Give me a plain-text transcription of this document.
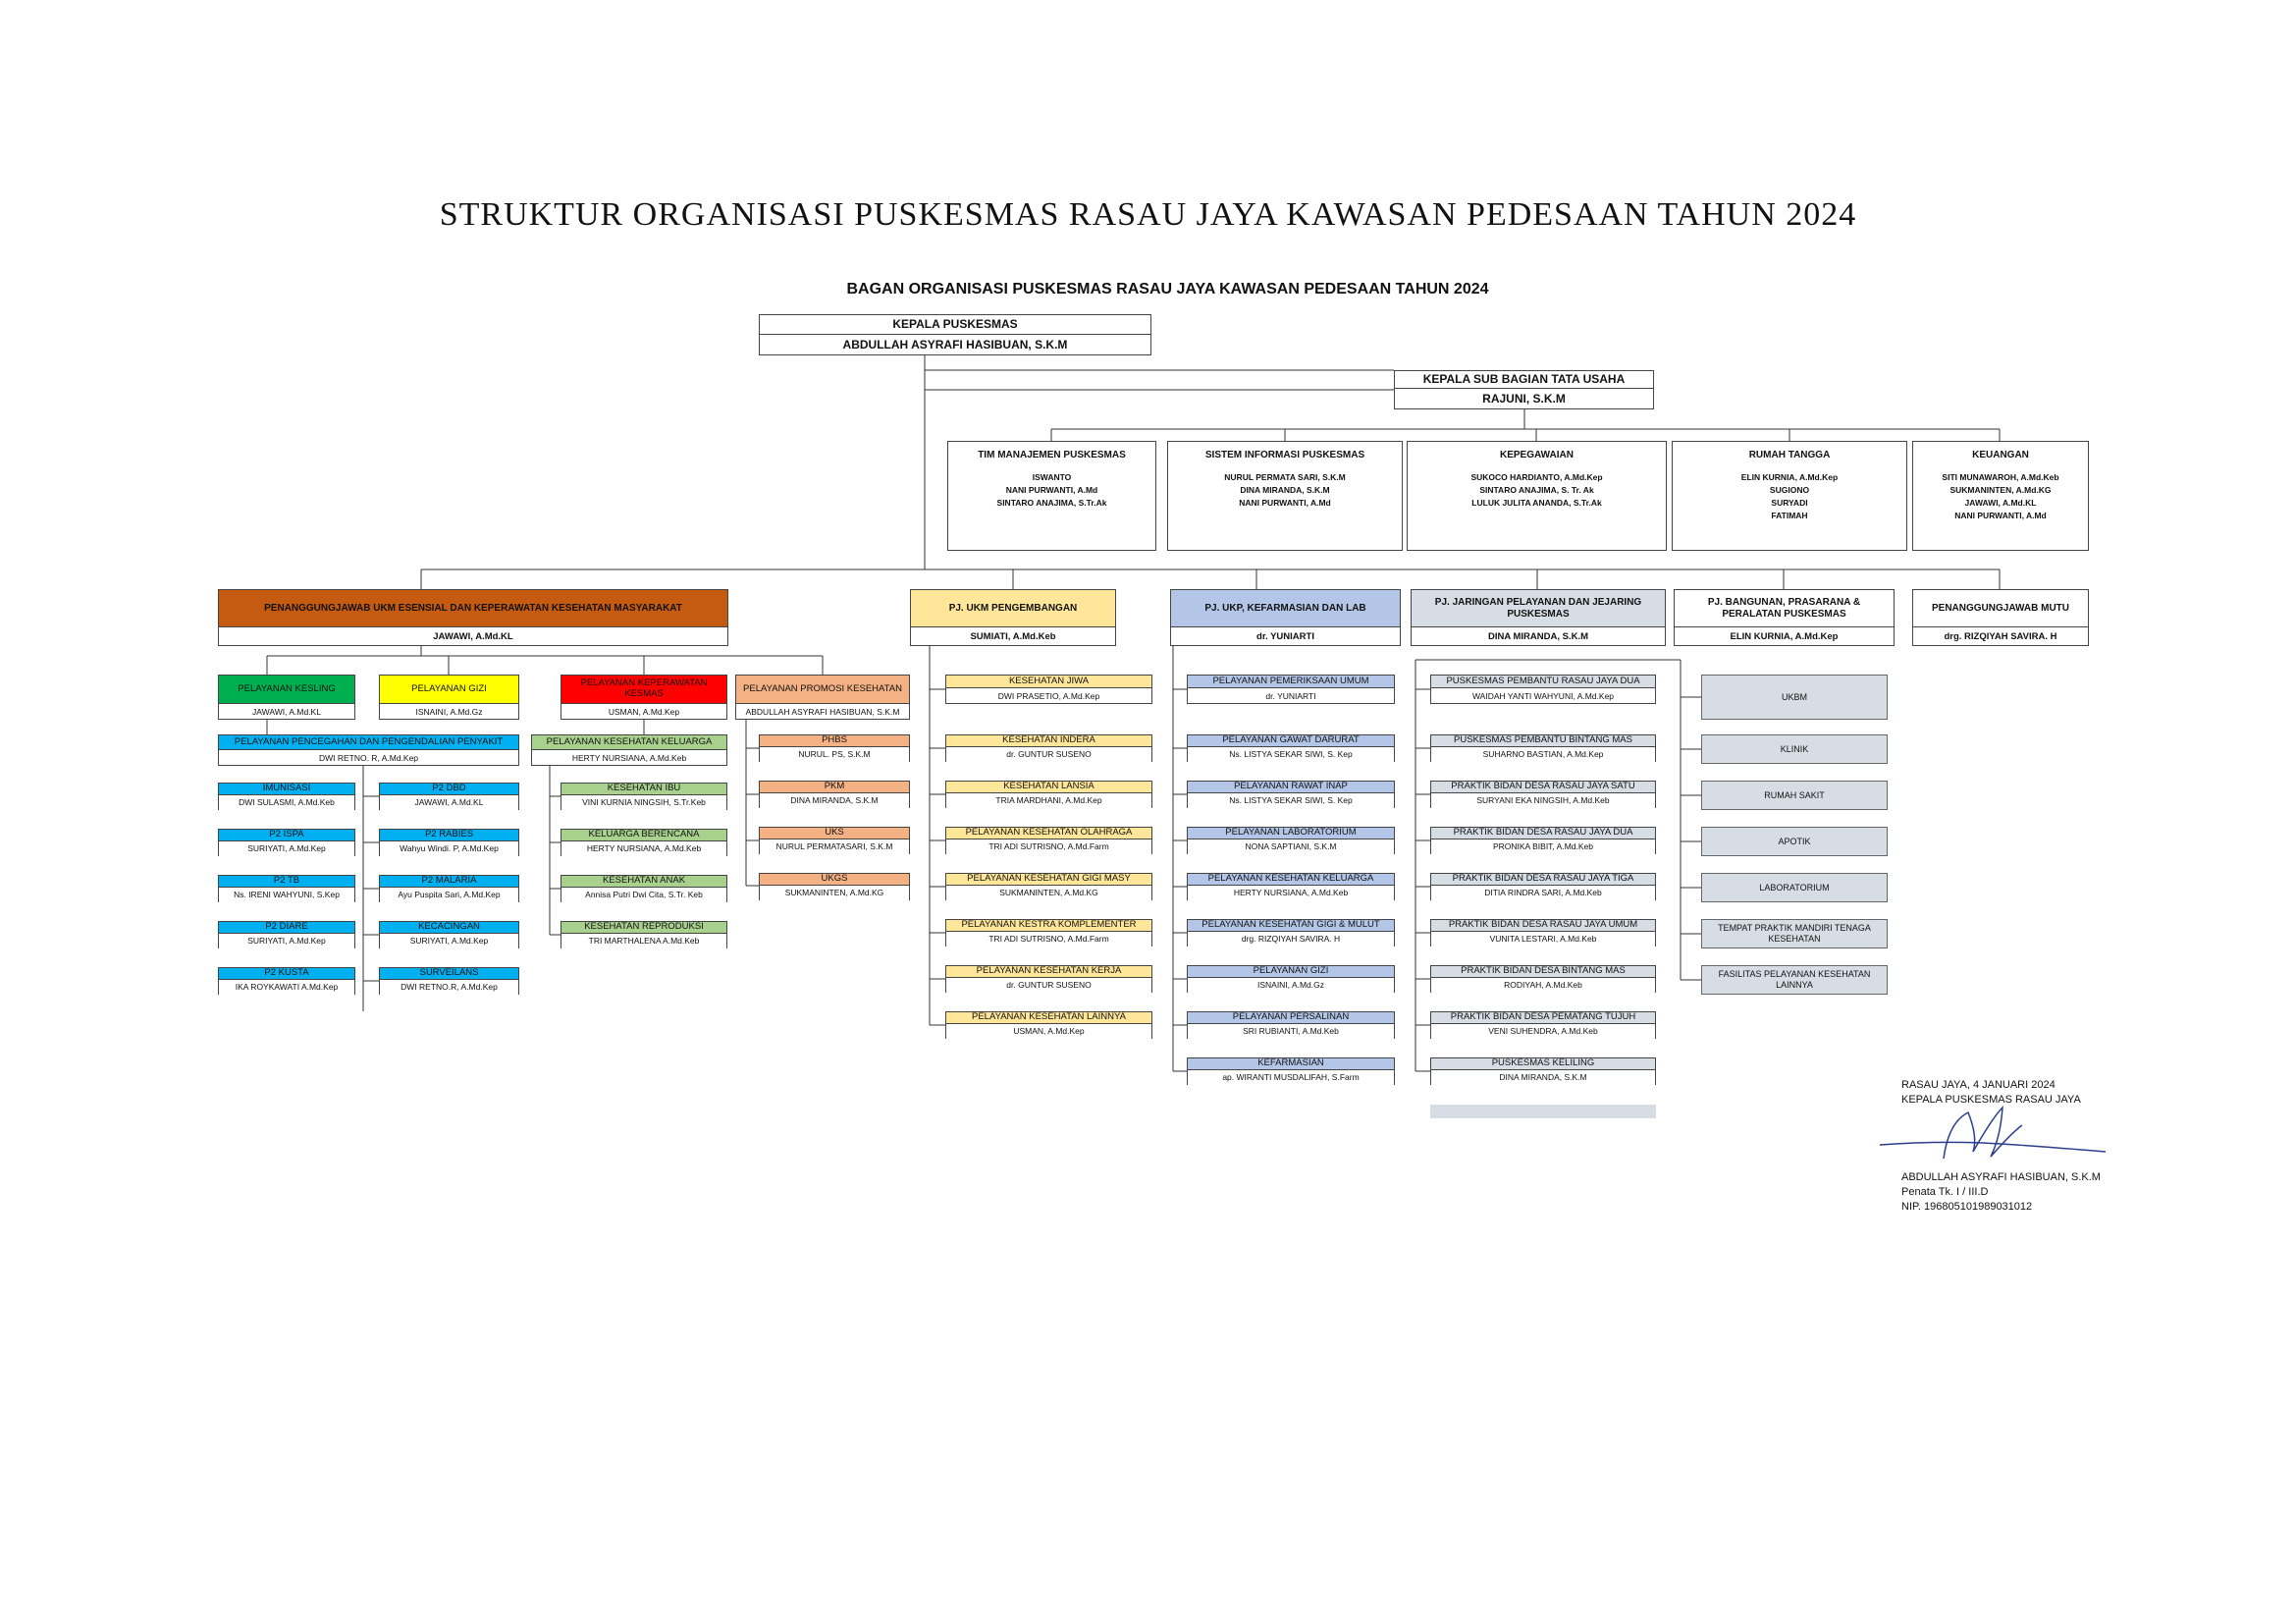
STRUKTUR ORGANISASI PUSKESMAS RASAU JAYA KAWASAN PEDESAAN TAHUN 2024
BAGAN ORGANISASI PUSKESMAS RASAU JAYA KAWASAN PEDESAAN TAHUN 2024
KEPALA PUSKESMAS
ABDULLAH ASYRAFI HASIBUAN, S.K.M
KEPALA SUB BAGIAN TATA USAHA
RAJUNI, S.K.M
TIM MANAJEMEN PUSKESMAS
ISWANTO
NANI PURWANTI, A.Md
SINTARO ANAJIMA, S.Tr.Ak
SISTEM INFORMASI PUSKESMAS
NURUL PERMATA SARI, S.K.M
DINA MIRANDA, S.K.M
NANI PURWANTI, A.Md
KEPEGAWAIAN
SUKOCO HARDIANTO, A.Md.Kep
SINTARO ANAJIMA, S. Tr. Ak
LULUK JULITA ANANDA, S.Tr.Ak
RUMAH TANGGA
ELIN KURNIA, A.Md.Kep
SUGIONO
SURYADI
FATIMAH
KEUANGAN
SITI MUNAWAROH, A.Md.Keb
SUKMANINTEN, A.Md.KG
JAWAWI, A.Md.KL
NANI PURWANTI, A.Md
PENANGGUNGJAWAB UKM ESENSIAL DAN KEPERAWATAN KESEHATAN MASYARAKAT
JAWAWI, A.Md.KL
PJ. UKM PENGEMBANGAN
SUMIATI, A.Md.Keb
PJ. UKP, KEFARMASIAN DAN LAB
dr. YUNIARTI
PJ. JARINGAN PELAYANAN DAN JEJARING PUSKESMAS
DINA MIRANDA, S.K.M
PJ. BANGUNAN, PRASARANA & PERALATAN PUSKESMAS
ELIN KURNIA, A.Md.Kep
PENANGGUNGJAWAB MUTU
drg. RIZQIYAH SAVIRA. H
PELAYANAN KESLING
JAWAWI, A.Md.KL
PELAYANAN GIZI
ISNAINI, A.Md.Gz
PELAYANAN KEPERAWATAN KESMAS
USMAN, A.Md.Kep
PELAYANAN PROMOSI KESEHATAN
ABDULLAH ASYRAFI HASIBUAN, S.K.M
PELAYANAN PENCEGAHAN DAN PENGENDALIAN PENYAKIT
DWI RETNO. R, A.Md.Kep
PELAYANAN KESEHATAN KELUARGA
HERTY NURSIANA, A.Md.Keb
IMUNISASI
DWI SULASMI, A.Md.Keb
P2 ISPA
SURIYATI, A.Md.Kep
P2 TB
Ns. IRENI WAHYUNI, S.Kep
P2 DIARE
SURIYATI, A.Md.Kep
P2 KUSTA
IKA ROYKAWATI A.Md.Kep
P2 DBD
JAWAWI, A.Md.KL
P2 RABIES
Wahyu Windi. P, A.Md.Kep
P2 MALARIA
Ayu Puspita Sari, A.Md.Kep
KECACINGAN
SURIYATI, A.Md.Kep
SURVEILANS
DWI RETNO.R, A.Md.Kep
KESEHATAN IBU
VINI KURNIA NINGSIH, S.Tr.Keb
KELUARGA BERENCANA
HERTY NURSIANA, A.Md.Keb
KESEHATAN ANAK
Annisa Putri Dwi Cita, S.Tr. Keb
KESEHATAN REPRODUKSI
TRI MARTHALENA A.Md.Keb
PHBS
NURUL. PS, S.K.M
PKM
DINA MIRANDA, S.K.M
UKS
NURUL PERMATASARI, S.K.M
UKGS
SUKMANINTEN, A.Md.KG
KESEHATAN JIWA
DWI PRASETIO, A.Md.Kep
KESEHATAN INDERA
dr. GUNTUR SUSENO
KESEHATAN LANSIA
TRIA MARDHANI, A.Md.Kep
PELAYANAN KESEHATAN OLAHRAGA
TRI ADI SUTRISNO, A.Md.Farm
PELAYANAN KESEHATAN GIGI MASY
SUKMANINTEN, A.Md.KG
PELAYANAN KESTRA KOMPLEMENTER
TRI ADI SUTRISNO, A.Md.Farm
PELAYANAN KESEHATAN KERJA
dr. GUNTUR SUSENO
PELAYANAN KESEHATAN LAINNYA
USMAN, A.Md.Kep
PELAYANAN PEMERIKSAAN UMUM
dr. YUNIARTI
PELAYANAN GAWAT DARURAT
Ns. LISTYA SEKAR SIWI, S. Kep
PELAYANAN RAWAT INAP
Ns. LISTYA SEKAR SIWI, S. Kep
PELAYANAN LABORATORIUM
NONA SAPTIANI, S.K.M
PELAYANAN KESEHATAN KELUARGA
HERTY NURSIANA, A.Md.Keb
PELAYANAN KESEHATAN GIGI & MULUT
drg. RIZQIYAH SAVIRA. H
PELAYANAN GIZI
ISNAINI, A.Md.Gz
PELAYANAN PERSALINAN
SRI RUBIANTI, A.Md.Keb
KEFARMASIAN
ap. WIRANTI MUSDALIFAH, S.Farm
PUSKESMAS PEMBANTU RASAU JAYA DUA
WAIDAH YANTI WAHYUNI, A.Md.Kep
PUSKESMAS PEMBANTU BINTANG MAS
SUHARNO BASTIAN, A.Md.Kep
PRAKTIK BIDAN DESA RASAU JAYA SATU
SURYANI EKA NINGSIH, A.Md.Keb
PRAKTIK BIDAN DESA RASAU JAYA DUA
PRONIKA BIBIT, A.Md.Keb
PRAKTIK BIDAN DESA RASAU JAYA TIGA
DITIA RINDRA SARI, A.Md.Keb
PRAKTIK BIDAN DESA RASAU JAYA UMUM
VUNITA LESTARI, A.Md.Keb
PRAKTIK BIDAN DESA BINTANG MAS
RODIYAH, A.Md.Keb
PRAKTIK BIDAN DESA PEMATANG TUJUH
VENI SUHENDRA, A.Md.Keb
PUSKESMAS KELILING
DINA MIRANDA, S.K.M
UKBM
KLINIK
RUMAH SAKIT
APOTIK
LABORATORIUM
TEMPAT PRAKTIK MANDIRI TENAGA KESEHATAN
FASILITAS PELAYANAN KESEHATAN LAINNYA
RASAU JAYA, 4 JANUARI 2024
KEPALA PUSKESMAS RASAU JAYA
ABDULLAH ASYRAFI HASIBUAN, S.K.M
Penata Tk. I / III.D
NIP. 196805101989031012
